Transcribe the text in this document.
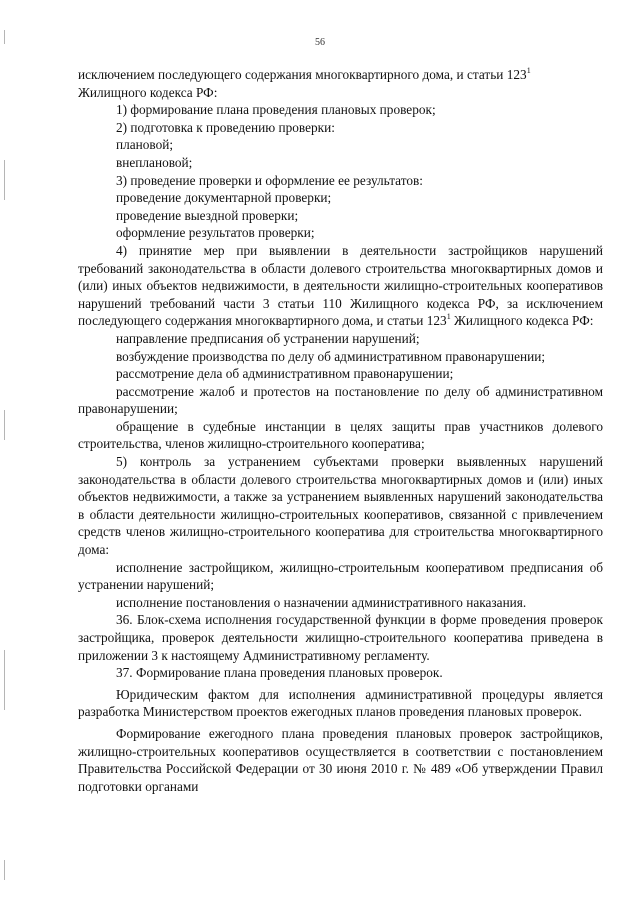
56

исключением последующего содержания многоквартирного дома, и статьи $123^1$

Жилищного кодекса РФ:

1) формирование плана проведения плановых проверок;

2) подготовка к проведению проверки:

плановой;

внеплановой;

3) проведение проверки и оформление ее результатов:

проведение документарной проверки;

проведение выездной проверки;

оформление результатов проверки;

4) принятие мер при выявлении в деятельности застройщиков нарушений требований законодательства в области долевого строительства многоквартирных домов и (или) иных объектов недвижимости, в деятельности жилищно-строительных кооперативов нарушений требований части 3 статьи 110 Жилищного кодекса РФ, за исключением последующего содержания многоквартирного дома, и статьи $123^1$ Жилищного кодекса РФ:

направление предписания об устранении нарушений;

возбуждение производства по делу об административном правонарушении;

рассмотрение дела об административном правонарушении;

рассмотрение жалоб и протестов на постановление по делу об административном правонарушении;

обращение в судебные инстанции в целях защиты прав участников долевого строительства, членов жилищно-строительного кооператива;

5) контроль за устранением субъектами проверки выявленных нарушений законодательства в области долевого строительства многоквартирных домов и (или) иных объектов недвижимости, а также за устранением выявленных нарушений законодательства в области деятельности жилищно-строительных кооперативов, связанной с привлечением средств членов жилищно-строительного кооператива для строительства многоквартирного дома:

исполнение застройщиком, жилищно-строительным кооперативом предписания об устранении нарушений;

исполнение постановления о назначении административного наказания.

36. Блок-схема исполнения государственной функции в форме проведения проверок застройщика, проверок деятельности жилищно-строительного кооператива приведена в приложении 3 к настоящему Административному регламенту.

37. Формирование плана проведения плановых проверок.

Юридическим фактом для исполнения административной процедуры является разработка Министерством проектов ежегодных планов проведения плановых проверок.

Формирование ежегодного плана проведения плановых проверок застройщиков, жилищно-строительных кооперативов осуществляется в соответствии с постановлением Правительства Российской Федерации от 30 июня 2010 г. № 489 «Об утверждении Правил подготовки органами
